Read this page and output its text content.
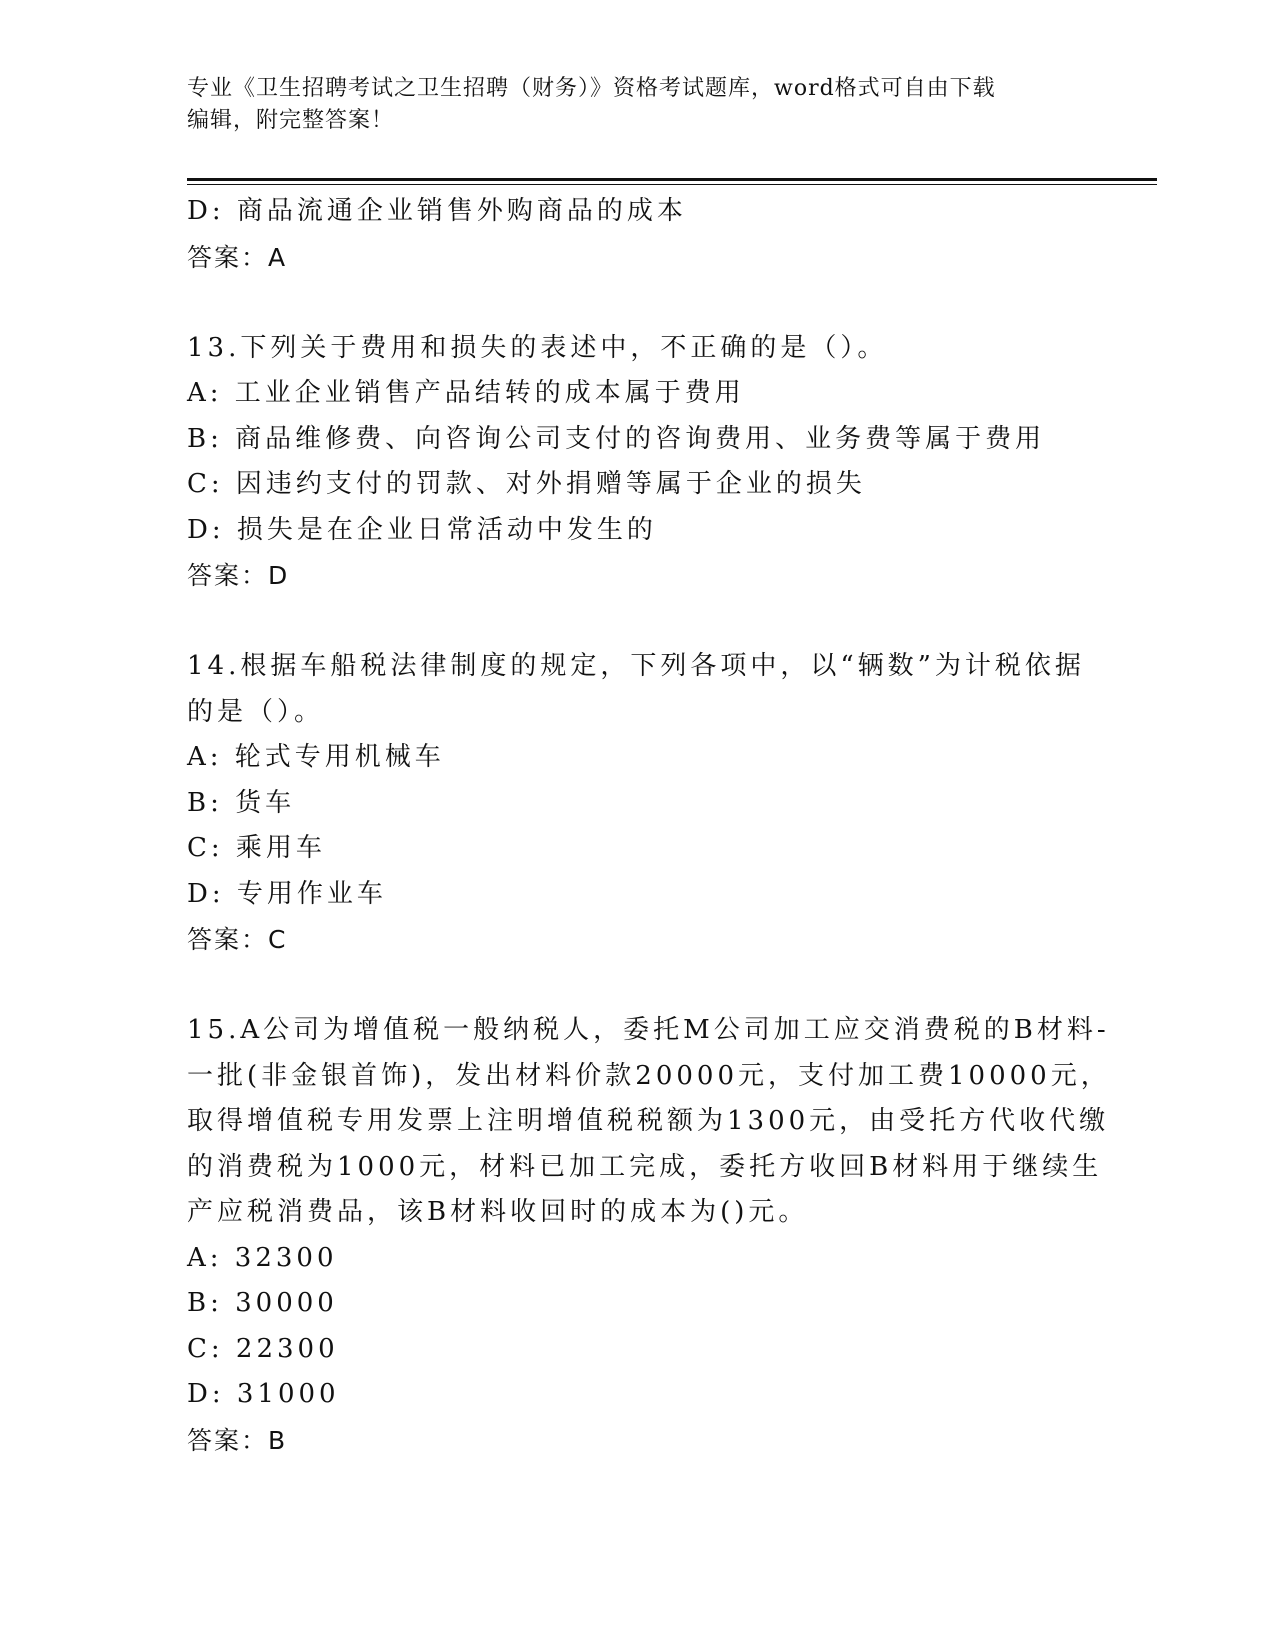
专业《卫生招聘考试之卫生招聘（财务）》资格考试题库，word格式可自由下载
编辑，附完整答案！
D: 商品流通企业销售外购商品的成本
答案：A
13.下列关于费用和损失的表述中，不正确的是（）。
A: 工业企业销售产品结转的成本属于费用
B: 商品维修费、向咨询公司支付的咨询费用、业务费等属于费用
C: 因违约支付的罚款、对外捐赠等属于企业的损失
D: 损失是在企业日常活动中发生的
答案：D
14.根据车船税法律制度的规定，下列各项中，以“辆数”为计税依据
的是（）。
A: 轮式专用机械车
B: 货车
C: 乘用车
D: 专用作业车
答案：C
15.A公司为增值税一般纳税人，委托M公司加工应交消费税的B材料-
一批(非金银首饰)，发出材料价款20000元，支付加工费10000元，
取得增值税专用发票上注明增值税税额为1300元，由受托方代收代缴
的消费税为1000元，材料已加工完成，委托方收回B材料用于继续生
产应税消费品，该B材料收回时的成本为()元。
A: 32300
B: 30000
C: 22300
D: 31000
答案：B
